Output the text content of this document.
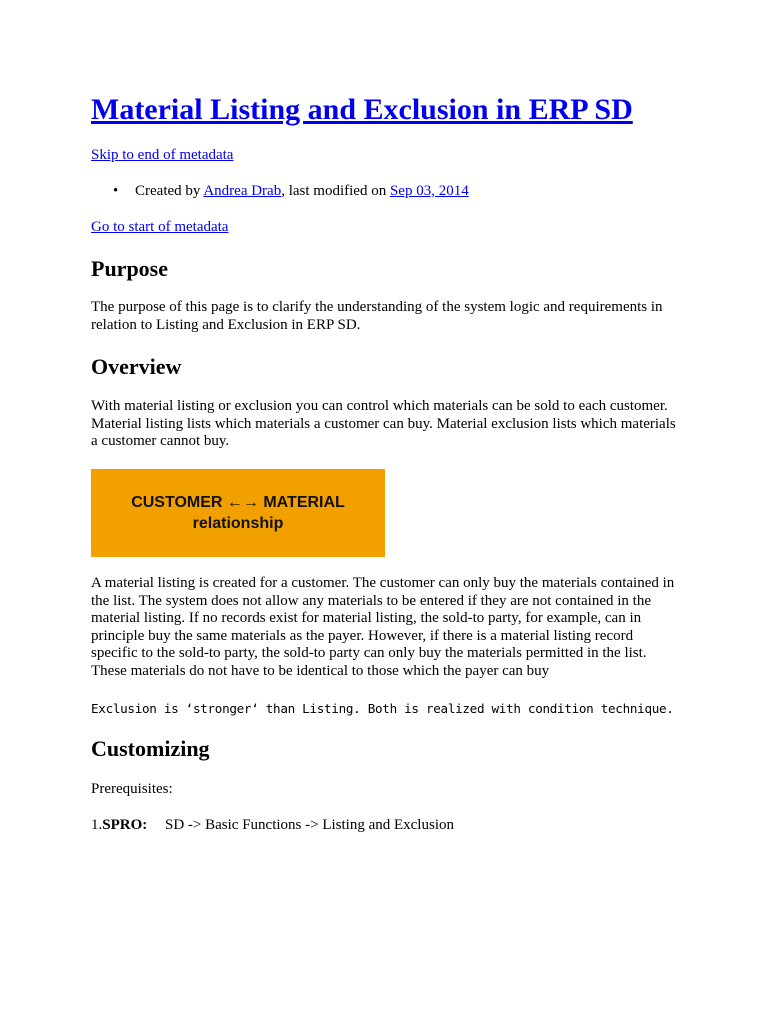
Material Listing and Exclusion in ERP SD
Skip to end of metadata
• Created by Andrea Drab, last modified on Sep 03, 2014
Go to start of metadata
Purpose

The purpose of this page is to clarify the understanding of the system logic and requirements in relation to Listing and Exclusion in ERP SD.

Overview

With material listing or exclusion you can control which materials can be sold to each customer. Material listing lists which materials a customer can buy. Material exclusion lists which materials a customer cannot buy.

CUSTOMER ←→ MATERIAL
relationship

A material listing is created for a customer. The customer can only buy the materials contained in the list. The system does not allow any materials to be entered if they are not contained in the material listing. If no records exist for material listing, the sold-to party, for example, can in principle buy the same materials as the payer. However, if there is a material listing record specific to the sold-to party, the sold-to party can only buy the materials permitted in the list. These materials do not have to be identical to those which the payer can buy

Exclusion is ‘stronger‘ than Listing. Both is realized with condition technique.
Customizing

Prerequisites:

1.SPRO: SD -> Basic Functions -> Listing and Exclusion
